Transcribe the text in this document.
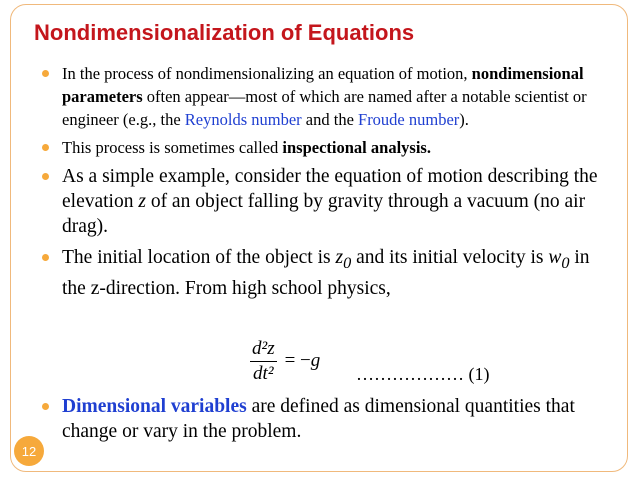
Nondimensionalization of Equations
In the process of nondimensionalizing an equation of motion, nondimensional parameters often appear—most of which are named after a notable scientist or engineer (e.g., the Reynolds number and the Froude number).
This process is sometimes called inspectional analysis.
As a simple example, consider the equation of motion describing the elevation z of an object falling by gravity through a vacuum (no air drag).
The initial location of the object is $z_0$ and its initial velocity is $w_0$ in the z-direction. From high school physics,
$\frac{\text{d²z}}{\text{dt²}} = -g$
……………… (1)
Dimensional variables are defined as dimensional quantities that change or vary in the problem.
12
